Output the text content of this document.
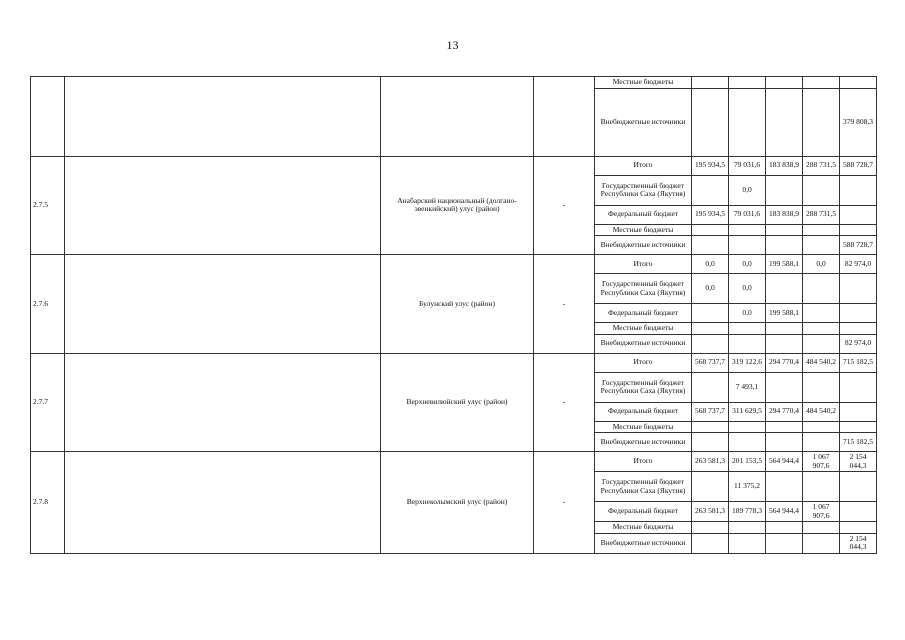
13
				Местные бюджеты					
				Внебюджетные источники					379 808,3
2.7.5		Анабарский национальный (долгано-эвенкийский) улус (район)	-	Итого	195 934,5	79 031,6	183 838,9	288 731,5	588 728,7
				Государственный бюджет Республики Саха (Якутия)		0,0			
				Федеральный бюджет	195 934,5	79 031,6	183 838,9	288 731,5	
				Местные бюджеты					
				Внебюджетные источники					588 728,7
2.7.6		Булунский улус (район)	-	Итого	0,0	0,0	199 588,1	0,0	82 974,0
				Государственный бюджет Республики Саха (Якутия)	0,0	0,0			
				Федеральный бюджет		0,0	199 588,1		
				Местные бюджеты					
				Внебюджетные источники					82 974,0
2.7.7		Верхневилюйский улус (район)	-	Итого	568 737,7	319 122,6	294 770,4	484 540,2	715 182,5
				Государственный бюджет Республики Саха (Якутия)		7 493,1			
				Федеральный бюджет	568 737,7	311 629,5	294 770,4	484 540,2	
				Местные бюджеты					
				Внебюджетные источники					715 182,5
2.7.8		Верхнеколымский улус (район)	-	Итого	263 581,3	201 153,5	564 944,4	1 067 907,6	2 154 044,3
				Государственный бюджет Республики Саха (Якутия)		11 375,2			
				Федеральный бюджет	263 581,3	189 778,3	564 944,4	1 067 907,6	
				Местные бюджеты					
				Внебюджетные источники					2 154 044,3
